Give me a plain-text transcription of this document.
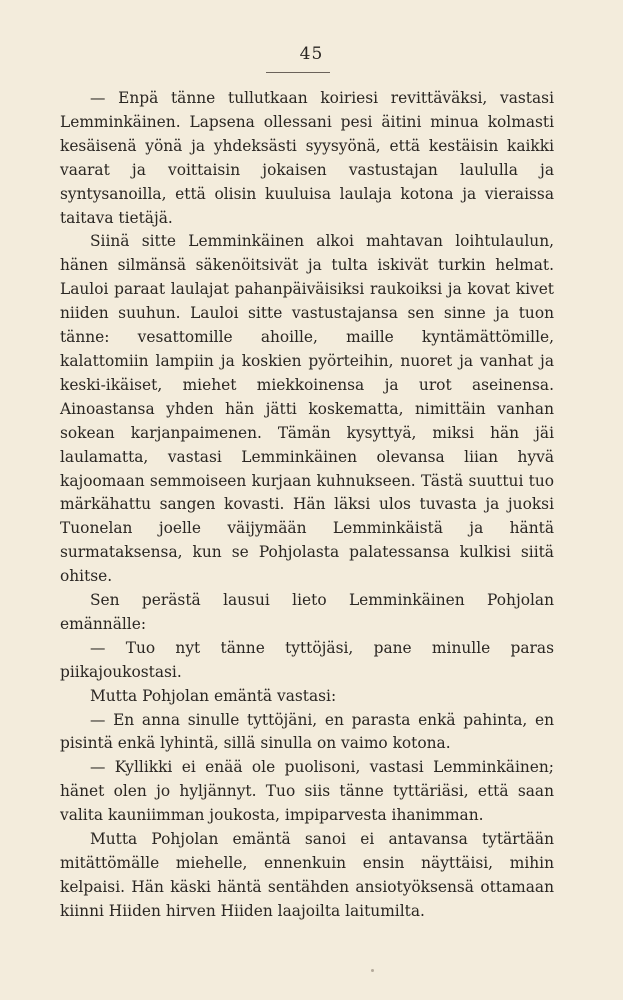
45

— Enpä tänne tullutkaan koiriesi revittäväksi, vastasi Lemminkäinen. Lapsena ollessani pesi äitini minua kolmasti kesäisenä yönä ja yhdeksästi syysyönä, että kestäisin kaikki vaarat ja voittaisin jokaisen vastustajan laululla ja syntysanoilla, että olisin kuuluisa laulaja kotona ja vieraissa taitava tietäjä.

Siinä sitte Lemminkäinen alkoi mahtavan loihtulaulun, hänen silmänsä säkenöitsivät ja tulta iskivät turkin helmat. Lauloi paraat laulajat pahanpäiväisiksi raukoiksi ja kovat kivet niiden suuhun. Lauloi sitte vastustajansa sen sinne ja tuon tänne: vesattomille ahoille, maille kyntämättömille, kalattomiin lampiin ja koskien pyörteihin, nuoret ja vanhat ja keski-ikäiset, miehet miekkoinensa ja urot aseinensa. Ainoastansa yhden hän jätti koskematta, nimittäin vanhan sokean karjanpaimenen. Tämän kysyttyä, miksi hän jäi laulamatta, vastasi Lemminkäinen olevansa liian hyvä kajoomaan semmoiseen kurjaan kuhnukseen. Tästä suuttui tuo märkähattu sangen kovasti. Hän läksi ulos tuvasta ja juoksi Tuonelan joelle väijymään Lemminkäistä ja häntä surmataksensa, kun se Pohjolasta palatessansa kulkisi siitä ohitse.

Sen perästä lausui lieto Lemminkäinen Pohjolan emännälle:

— Tuo nyt tänne tyttöjäsi, pane minulle paras piikajoukostasi.

Mutta Pohjolan emäntä vastasi:

— En anna sinulle tyttöjäni, en parasta enkä pahinta, en pisintä enkä lyhintä, sillä sinulla on vaimo kotona.

— Kyllikki ei enää ole puolisoni, vastasi Lemminkäinen; hänet olen jo hyljännyt. Tuo siis tänne tyttäriäsi, että saan valita kauniimman joukosta, impiparvesta ihanimman.

Mutta Pohjolan emäntä sanoi ei antavansa tytärtään mitättömälle miehelle, ennenkuin ensin näyttäisi, mihin kelpaisi. Hän käski häntä sentähden ansiotyöksensä ottamaan kiinni Hiiden hirven Hiiden laajoilta laitumilta.
